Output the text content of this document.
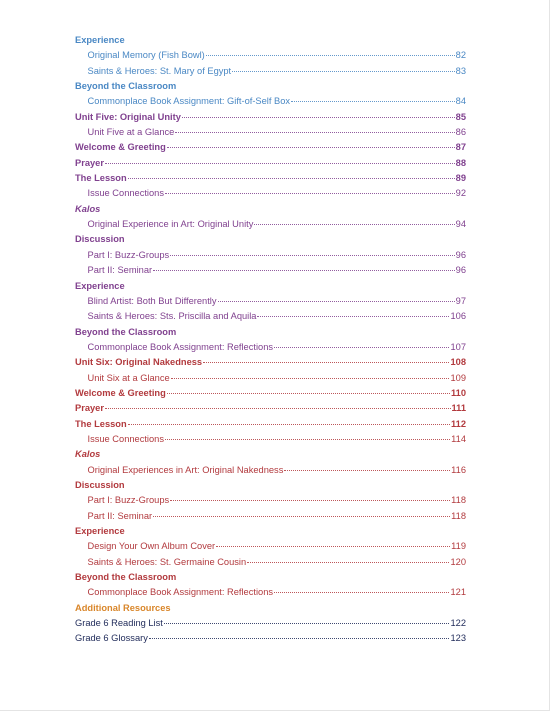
Experience
Original Memory (Fish Bowl)	82
Saints & Heroes: St. Mary of Egypt	83
Beyond the Classroom
Commonplace Book Assignment: Gift-of-Self Box	84
Unit Five: Original Unity	85
Unit Five at a Glance	86
Welcome & Greeting	87
Prayer	88
The Lesson	89
Issue Connections	92
Kalos
Original Experience in Art: Original Unity	94
Discussion
Part I: Buzz-Groups	96
Part II: Seminar	96
Experience
Blind Artist: Both But Differently	97
Saints & Heroes: Sts. Priscilla and Aquila	106
Beyond the Classroom
Commonplace Book Assignment: Reflections	107
Unit Six: Original Nakedness	108
Unit Six at a Glance	109
Welcome & Greeting	110
Prayer	111
The Lesson	112
Issue Connections	114
Kalos
Original Experiences in Art: Original Nakedness	116
Discussion
Part I: Buzz-Groups	118
Part II: Seminar	118
Experience
Design Your Own Album Cover	119
Saints & Heroes: St. Germaine Cousin	120
Beyond the Classroom
Commonplace Book Assignment: Reflections	121
Additional Resources
Grade 6 Reading List	122
Grade 6 Glossary	123
